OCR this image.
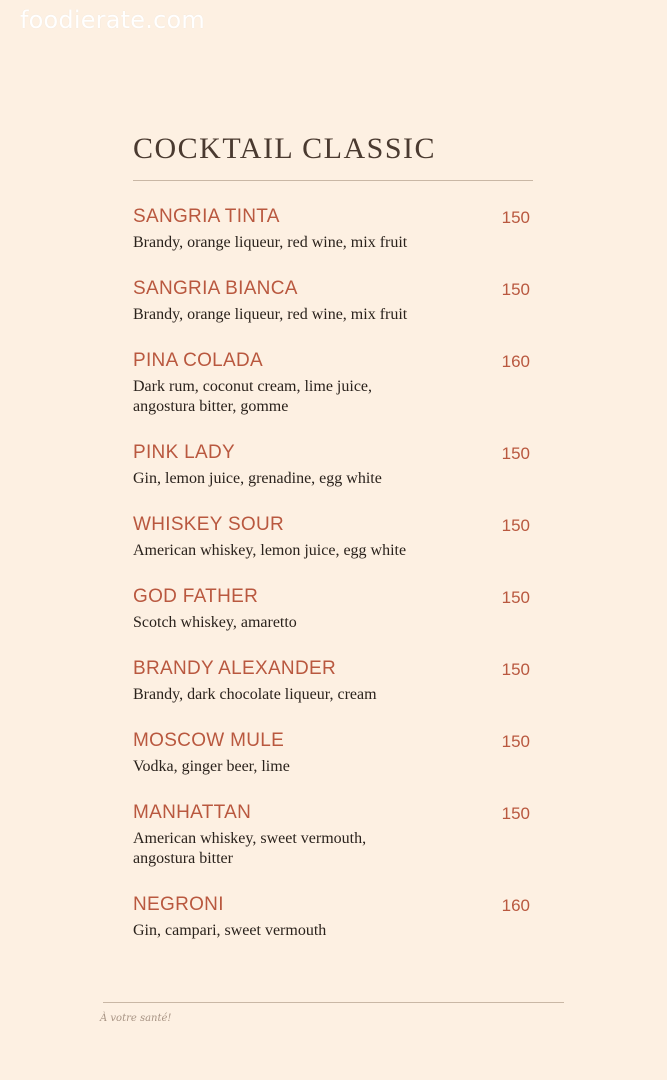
foodierate.com
COCKTAIL CLASSIC
SANGRIA TINTA	150
Brandy, orange liqueur, red wine, mix fruit
SANGRIA BIANCA	150
Brandy, orange liqueur, red wine, mix fruit
PINA COLADA	160
Dark rum, coconut cream, lime juice, angostura bitter, gomme
PINK LADY	150
Gin, lemon juice, grenadine, egg white
WHISKEY SOUR	150
American whiskey, lemon juice, egg white
GOD FATHER	150
Scotch whiskey, amaretto
BRANDY ALEXANDER	150
Brandy, dark chocolate liqueur, cream
MOSCOW MULE	150
Vodka, ginger beer, lime
MANHATTAN	150
American whiskey, sweet vermouth, angostura bitter
NEGRONI	160
Gin, campari, sweet vermouth
À votre santé!
